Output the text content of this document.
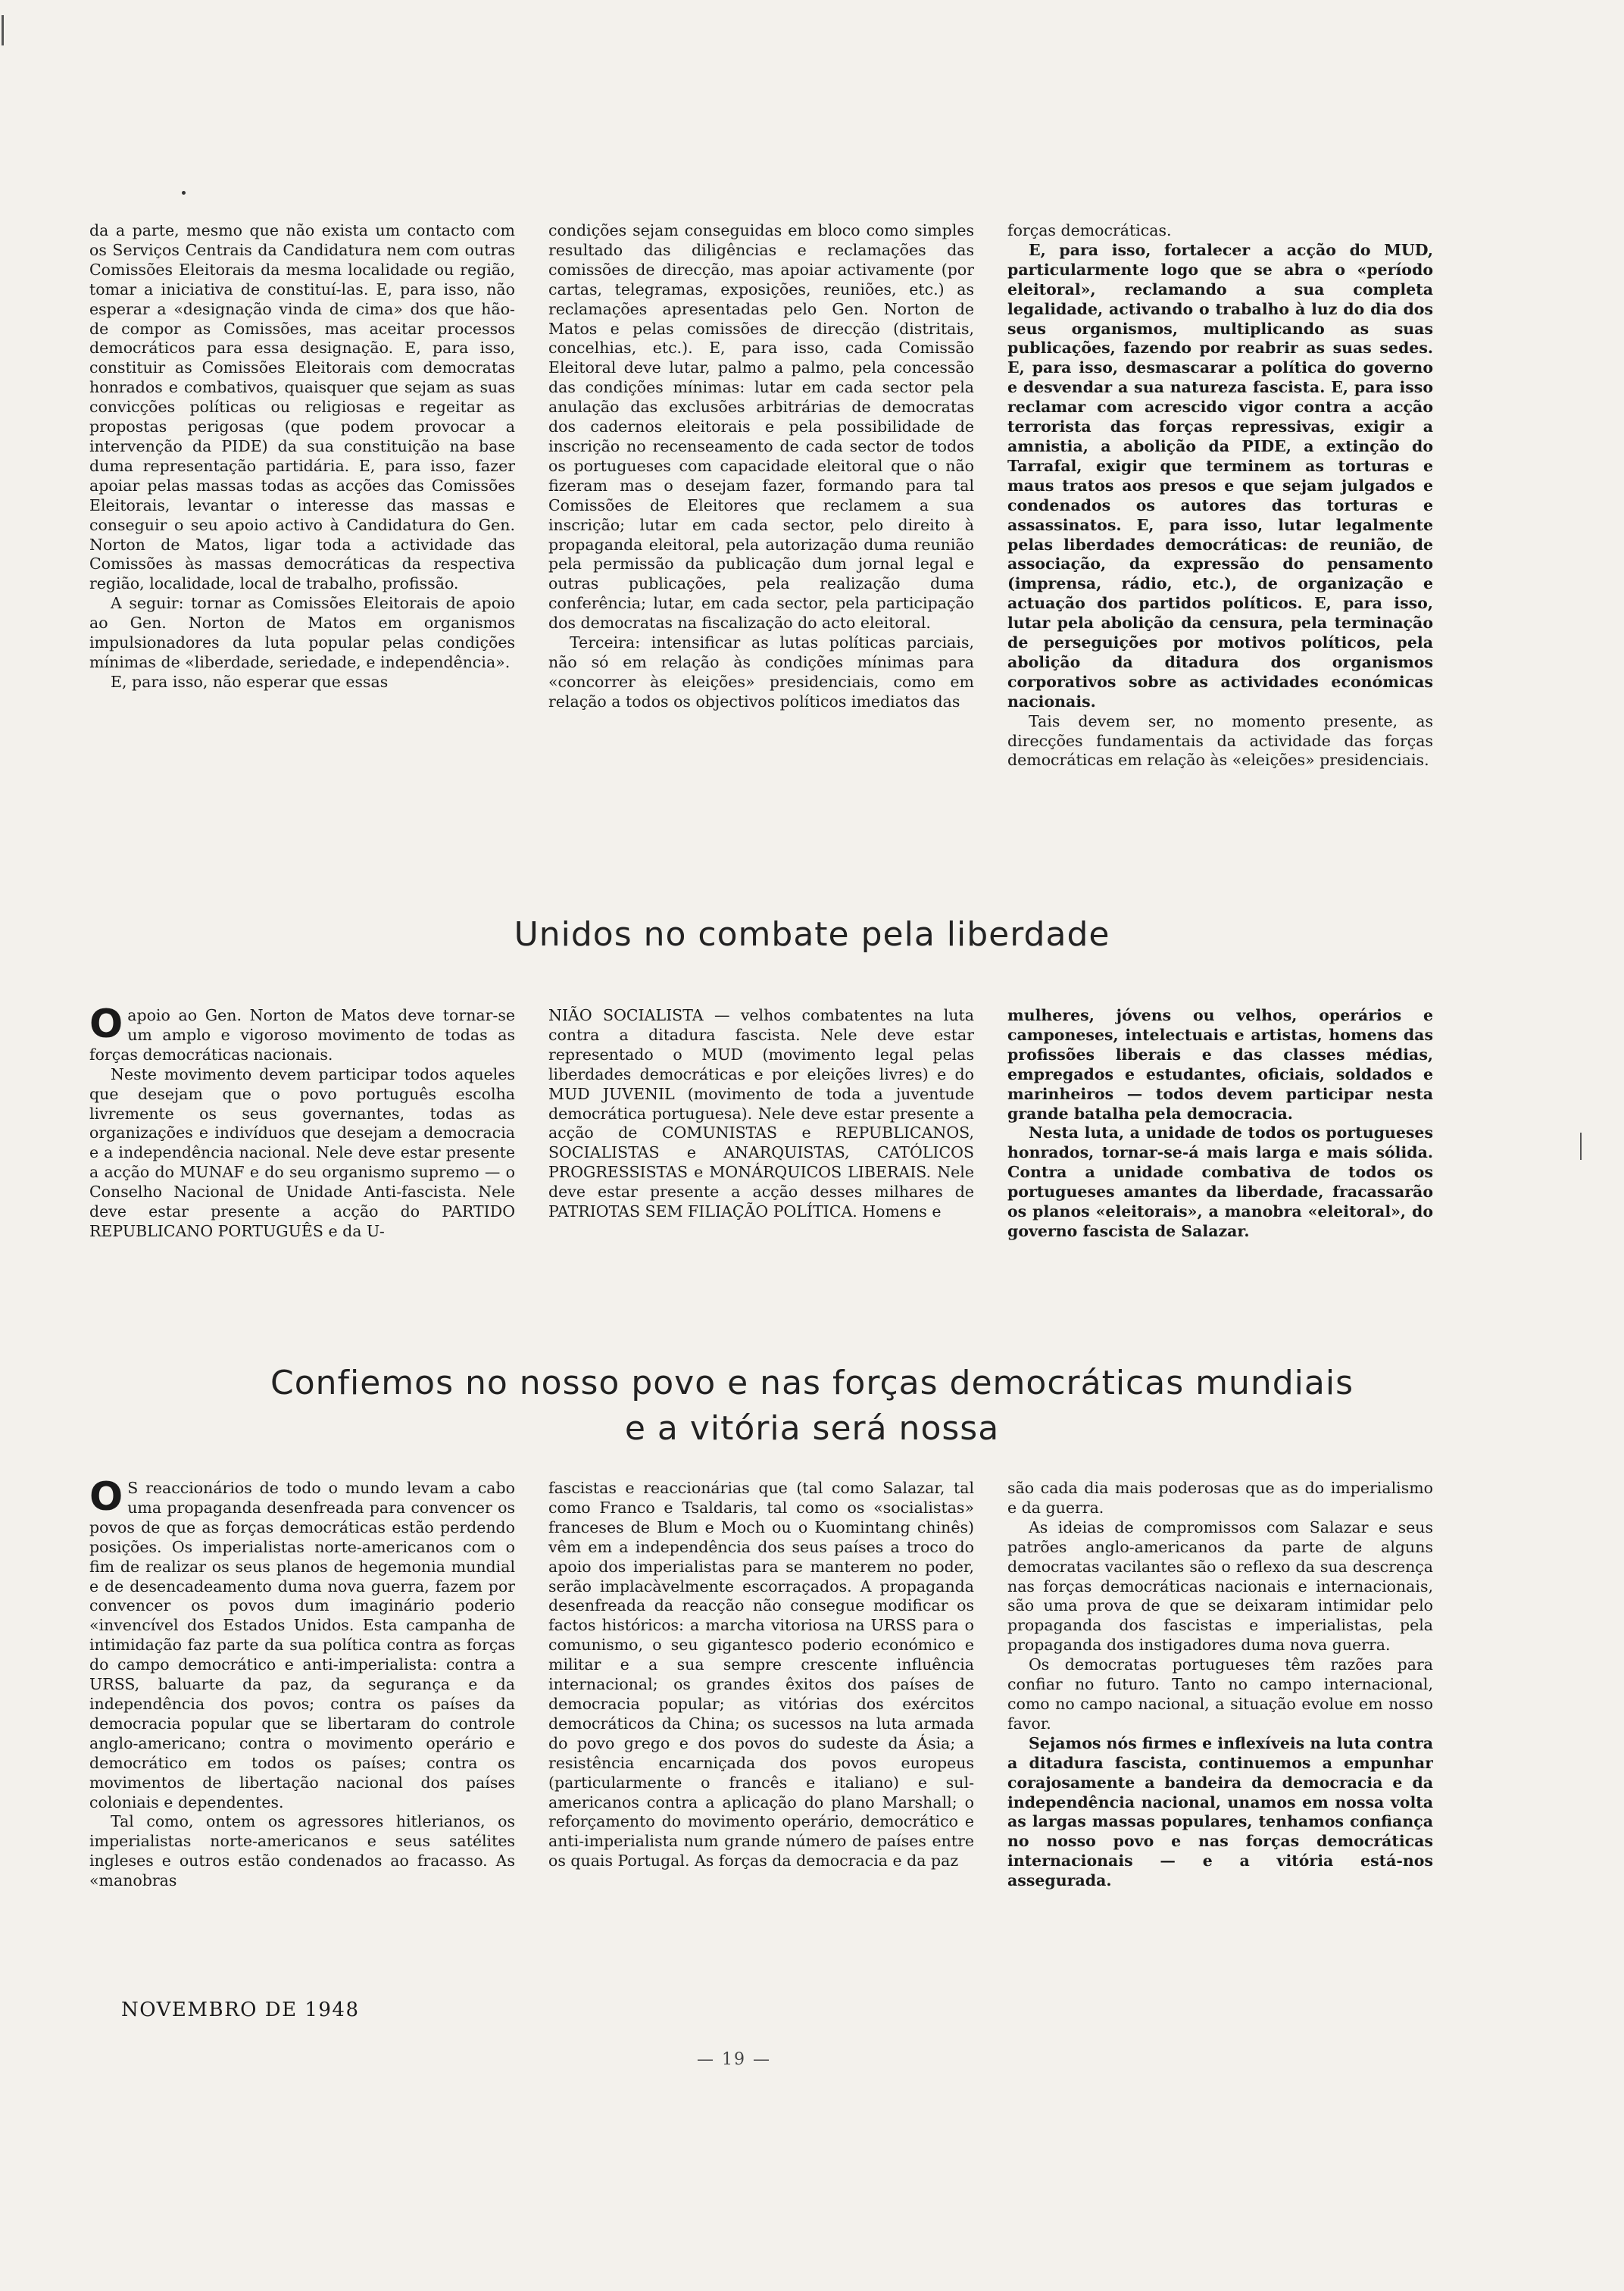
da a parte, mesmo que não exista um contacto com os Serviços Centrais da Candidatura nem com outras Comissões Eleitorais da mesma localidade ou região, tomar a iniciativa de constituí-las. E, para isso, não esperar a «designação vinda de cima» dos que hão-de compor as Comissões, mas aceitar processos democráticos para essa designação. E, para isso, constituir as Comissões Eleitorais com democratas honrados e combativos, quaisquer que sejam as suas convicções políticas ou religiosas e regeitar as propostas perigosas (que podem provocar a intervenção da PIDE) da sua constituição na base duma representação partidária. E, para isso, fazer apoiar pelas massas todas as acções das Comissões Eleitorais, levantar o interesse das massas e conseguir o seu apoio activo à Candidatura do Gen. Norton de Matos, ligar toda a actividade das Comissões às massas democráticas da respectiva região, localidade, local de trabalho, profissão.

A seguir: tornar as Comissões Eleitorais de apoio ao Gen. Norton de Matos em organismos impulsionadores da luta popular pelas condições mínimas de «liberdade, seriedade, e independência».

E, para isso, não esperar que essas

condições sejam conseguidas em bloco como simples resultado das diligências e reclamações das comissões de direcção, mas apoiar activamente (por cartas, telegramas, exposições, reuniões, etc.) as reclamações apresentadas pelo Gen. Norton de Matos e pelas comissões de direcção (distritais, concelhias, etc.). E, para isso, cada Comissão Eleitoral deve lutar, palmo a palmo, pela concessão das condições mínimas: lutar em cada sector pela anulação das exclusões arbitrárias de democratas dos cadernos eleitorais e pela possibilidade de inscrição no recenseamento de cada sector de todos os portugueses com capacidade eleitoral que o não fizeram mas o desejam fazer, formando para tal Comissões de Eleitores que reclamem a sua inscrição; lutar em cada sector, pelo direito à propaganda eleitoral, pela autorização duma reunião pela permissão da publicação dum jornal legal e outras publicações, pela realização duma conferência; lutar, em cada sector, pela participação dos democratas na fiscalização do acto eleitoral.

Terceira: intensificar as lutas políticas parciais, não só em relação às condições mínimas para «concorrer às eleições» presidenciais, como em relação a todos os objectivos políticos imediatos das

forças democráticas.

E, para isso, fortalecer a acção do MUD, particularmente logo que se abra o «período eleitoral», reclamando a sua completa legalidade, activando o trabalho à luz do dia dos seus organismos, multiplicando as suas publicações, fazendo por reabrir as suas sedes. E, para isso, desmascarar a política do governo e desvendar a sua natureza fascista. E, para isso reclamar com acrescido vigor contra a acção terrorista das forças repressivas, exigir a amnistia, a abolição da PIDE, a extinção do Tarrafal, exigir que terminem as torturas e maus tratos aos presos e que sejam julgados e condenados os autores das torturas e assassinatos. E, para isso, lutar legalmente pelas liberdades democráticas: de reunião, de associação, da expressão do pensamento (imprensa, rádio, etc.), de organização e actuação dos partidos políticos. E, para isso, lutar pela abolição da censura, pela terminação de perseguições por motivos políticos, pela abolição da ditadura dos organismos corporativos sobre as actividades económicas nacionais.

Tais devem ser, no momento presente, as direcções fundamentais da actividade das forças democráticas em relação às «eleições» presidenciais.

Unidos no combate pela liberdade
O apoio ao Gen. Norton de Matos deve tornar-se um amplo e vigoroso movimento de todas as forças democráticas nacionais.

Neste movimento devem participar todos aqueles que desejam que o povo português escolha livremente os seus governantes, todas as organizações e indivíduos que desejam a democracia e a independência nacional. Nele deve estar presente a acção do MUNAF e do seu organismo supremo — o Conselho Nacional de Unidade Anti-fascista. Nele deve estar presente a acção do PARTIDO REPUBLICANO PORTUGUÊS e da U-

NIÃO SOCIALISTA — velhos combatentes na luta contra a ditadura fascista. Nele deve estar representado o MUD (movimento legal pelas liberdades democráticas e por eleições livres) e do MUD JUVENIL (movimento de toda a juventude democrática portuguesa). Nele deve estar presente a acção de COMUNISTAS e REPUBLICANOS, SOCIALISTAS e ANARQUISTAS, CATÓLICOS PROGRESSISTAS e MONÁRQUICOS LIBERAIS. Nele deve estar presente a acção desses milhares de PATRIOTAS SEM FILIAÇÃO POLÍTICA. Homens e

mulheres, jóvens ou velhos, operários e camponeses, intelectuais e artistas, homens das profissões liberais e das classes médias, empregados e estudantes, oficiais, soldados e marinheiros — todos devem participar nesta grande batalha pela democracia.

Nesta luta, a unidade de todos os portugueses honrados, tornar-se-á mais larga e mais sólida. Contra a unidade combativa de todos os portugueses amantes da liberdade, fracassarão os planos «eleitorais», a manobra «eleitoral», do governo fascista de Salazar.

Confiemos no nosso povo e nas forças democráticas mundiais
e a vitória será nossa
O S reaccionários de todo o mundo levam a cabo uma propaganda desenfreada para convencer os povos de que as forças democráticas estão perdendo posições. Os imperialistas norte-americanos com o fim de realizar os seus planos de hegemonia mundial e de desencadeamento duma nova guerra, fazem por convencer os povos dum imaginário poderio «invencível dos Estados Unidos. Esta campanha de intimidação faz parte da sua política contra as forças do campo democrático e anti-imperialista: contra a URSS, baluarte da paz, da segurança e da independência dos povos; contra os países da democracia popular que se libertaram do controle anglo-americano; contra o movimento operário e democrático em todos os países; contra os movimentos de libertação nacional dos países coloniais e dependentes.

Tal como, ontem os agressores hitlerianos, os imperialistas norte-americanos e seus satélites ingleses e outros estão condenados ao fracasso. As «manobras

fascistas e reaccionárias que (tal como Salazar, tal como Franco e Tsaldaris, tal como os «socialistas» franceses de Blum e Moch ou o Kuomintang chinês) vêm em a independência dos seus países a troco do apoio dos imperialistas para se manterem no poder, serão implacàvelmente escorraçados. A propaganda desenfreada da reacção não consegue modificar os factos históricos: a marcha vitoriosa na URSS para o comunismo, o seu gigantesco poderio económico e militar e a sua sempre crescente influência internacional; os grandes êxitos dos países de democracia popular; as vitórias dos exércitos democráticos da China; os sucessos na luta armada do povo grego e dos povos do sudeste da Ásia; a resistência encarniçada dos povos europeus (particularmente o francês e italiano) e sul-americanos contra a aplicação do plano Marshall; o reforçamento do movimento operário, democrático e anti-imperialista num grande número de países entre os quais Portugal. As forças da democracia e da paz

são cada dia mais poderosas que as do imperialismo e da guerra.

As ideias de compromissos com Salazar e seus patrões anglo-americanos da parte de alguns democratas vacilantes são o reflexo da sua descrença nas forças democráticas nacionais e internacionais, são uma prova de que se deixaram intimidar pelo propaganda dos fascistas e imperialistas, pela propaganda dos instigadores duma nova guerra.

Os democratas portugueses têm razões para confiar no futuro. Tanto no campo internacional, como no campo nacional, a situação evolue em nosso favor.

Sejamos nós firmes e inflexíveis na luta contra a ditadura fascista, continuemos a empunhar corajosamente a bandeira da democracia e da independência nacional, unamos em nossa volta as largas massas populares, tenhamos confiança no nosso povo e nas forças democráticas internacionais — e a vitória está-nos assegurada.

NOVEMBRO DE 1948
— 19 —
